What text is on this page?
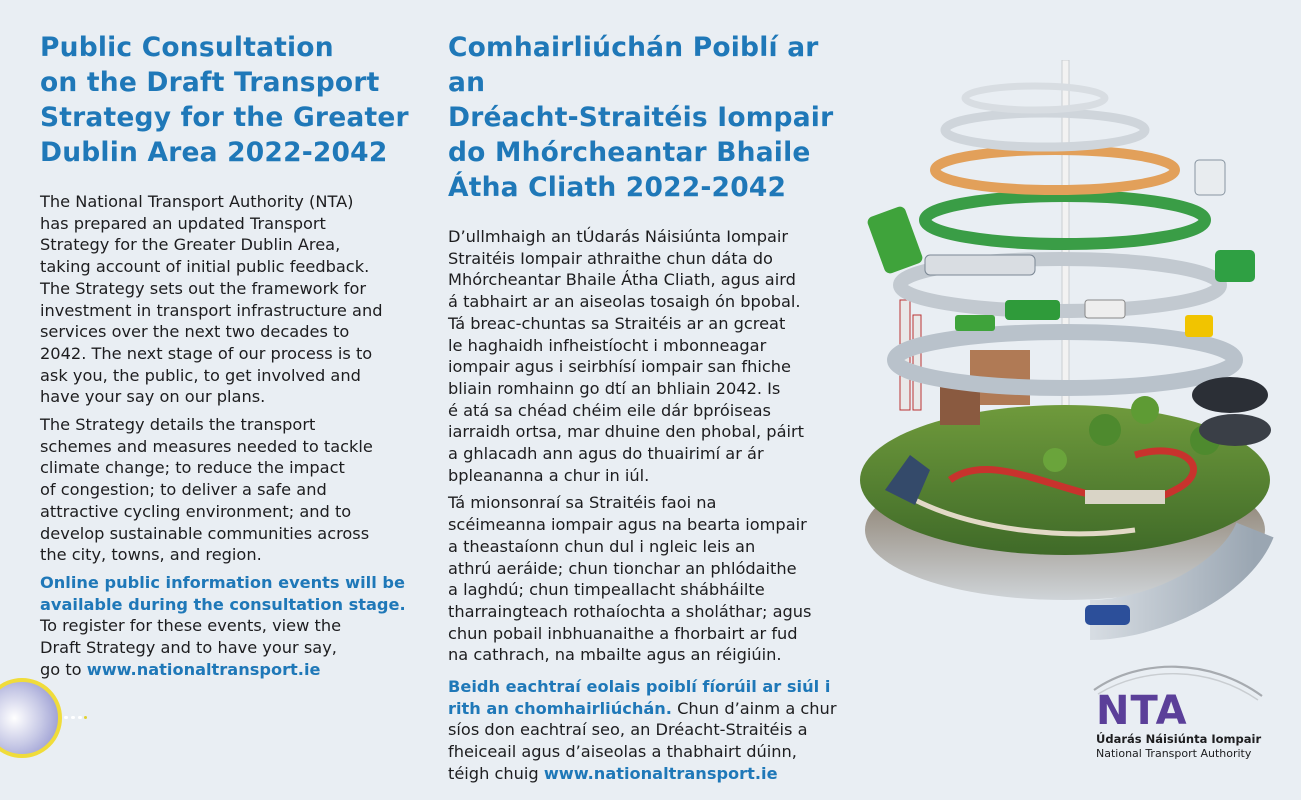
Public Consultation
on the Draft Transport
Strategy for the Greater
Dublin Area 2022-2042

The National Transport Authority (NTA)
has prepared an updated Transport
Strategy for the Greater Dublin Area,
taking account of initial public feedback.
The Strategy sets out the framework for
investment in transport infrastructure and
services over the next two decades to
2042. The next stage of our process is to
ask you, the public, to get involved and
have your say on our plans.

The Strategy details the transport
schemes and measures needed to tackle
climate change; to reduce the impact
of congestion; to deliver a safe and
attractive cycling environment; and to
develop sustainable communities across
the city, towns, and region.

Online public information events will be
available during the consultation stage.

To register for these events, view the
Draft Strategy and to have your say,
go to www.nationaltransport.ie

Comhairliúchán Poiblí ar an
Dréacht-Straitéis Iompair
do Mhórcheantar Bhaile
Átha Cliath 2022-2042

D’ullmhaigh an tÚdarás Náisiúnta Iompair
Straitéis Iompair athraithe chun dáta do
Mhórcheantar Bhaile Átha Cliath, agus aird
á tabhairt ar an aiseolas tosaigh ón bpobal.
Tá breac-chuntas sa Straitéis ar an gcreat
le haghaidh infheistíocht i mbonneagar
iompair agus i seirbhísí iompair san fhiche
bliain romhainn go dtí an bhliain 2042. Is
é atá sa chéad chéim eile dár bpróiseas
iarraidh ortsa, mar dhuine den phobal, páirt
a ghlacadh ann agus do thuairimí ar ár
bpleananna a chur in iúl.

Tá mionsonraí sa Straitéis faoi na
scéimeanna iompair agus na bearta iompair
a theastaíonn chun dul i ngleic leis an
athrú aeráide; chun tionchar an phlódaithe
a laghdú; chun timpeallacht shábháilte
tharraingteach rothaíochta a sholáthar; agus
chun pobail inbhuanaithe a fhorbairt ar fud
na cathrach, na mbailte agus an réigiúin.

Beidh eachtraí eolais poiblí fíorúil ar siúl i
rith an chomhairliúchán. Chun d’ainm a chur
síos don eachtraí seo, an Dréacht-Straitéis a
fheiceail agus d’aiseolas a thabhairt dúinn,
téigh chuig www.nationaltransport.ie
NTA
Údarás Náisiúnta Iompair
National Transport Authority
